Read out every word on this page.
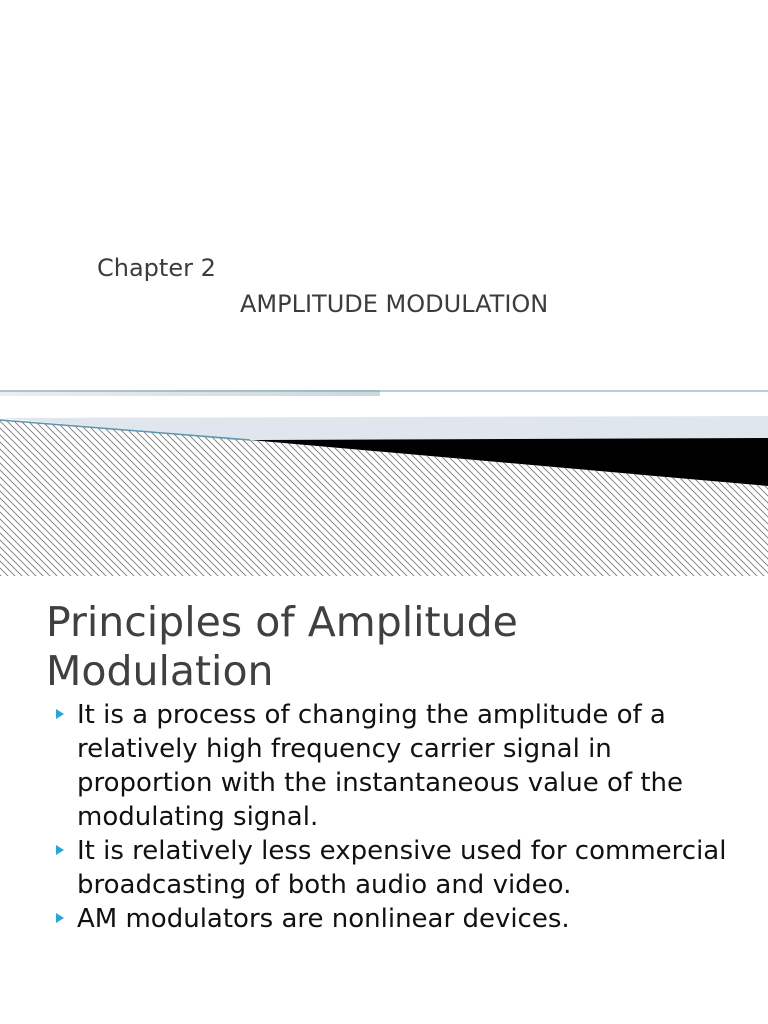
Chapter 2
AMPLITUDE MODULATION
Principles of Amplitude Modulation
It is a process of changing the amplitude of a relatively high frequency carrier signal in proportion with the instantaneous value of the modulating signal.
It is relatively less expensive used for commercial broadcasting of both audio and video.
AM modulators are nonlinear devices.
